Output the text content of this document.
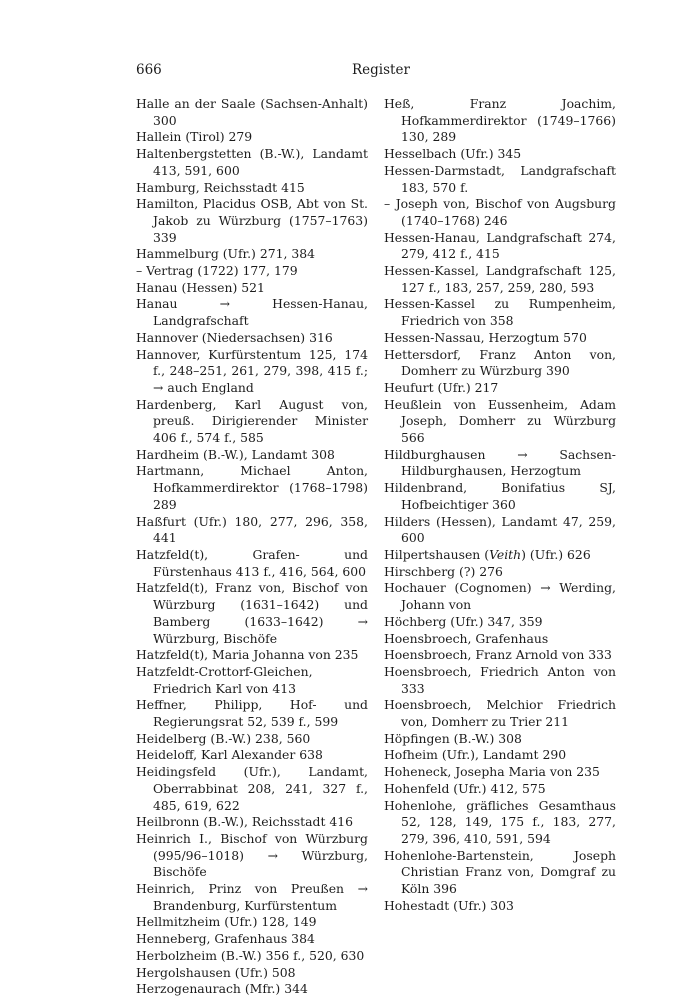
666	Register
Halle an der Saale (Sachsen-Anhalt) 300
Hallein (Tirol) 279
Haltenbergstetten (B.-W.), Landamt 413, 591, 600
Hamburg, Reichsstadt 415
Hamilton, Placidus OSB, Abt von St. Jakob zu Würzburg (1757–1763) 339
Hammelburg (Ufr.) 271, 384
– Vertrag (1722) 177, 179
Hanau (Hessen) 521
Hanau → Hessen-Hanau, Landgrafschaft
Hannover (Niedersachsen) 316
Hannover, Kurfürstentum 125, 174 f., 248–251, 261, 279, 398, 415 f.; → auch England
Hardenberg, Karl August von, preuß. Dirigierender Minister 406 f., 574 f., 585
Hardheim (B.-W.), Landamt 308
Hartmann, Michael Anton, Hofkammerdirektor (1768–1798) 289
Haßfurt (Ufr.) 180, 277, 296, 358, 441
Hatzfeld(t), Grafen- und Fürstenhaus 413 f., 416, 564, 600
Hatzfeld(t), Franz von, Bischof von Würzburg (1631–1642) und Bamberg (1633–1642) → Würzburg, Bischöfe
Hatzfeld(t), Maria Johanna von 235
Hatzfeldt-Crottorf-Gleichen, Friedrich Karl von 413
Heffner, Philipp, Hof- und Regierungsrat 52, 539 f., 599
Heidelberg (B.-W.) 238, 560
Heideloff, Karl Alexander 638
Heidingsfeld (Ufr.), Landamt, Oberrabbinat 208, 241, 327 f., 485, 619, 622
Heilbronn (B.-W.), Reichsstadt 416
Heinrich I., Bischof von Würzburg (995/96–1018) → Würzburg, Bischöfe
Heinrich, Prinz von Preußen → Brandenburg, Kurfürstentum
Hellmitzheim (Ufr.) 128, 149
Henneberg, Grafenhaus 384
Herbolzheim (B.-W.) 356 f., 520, 630
Hergolshausen (Ufr.) 508
Herzogenaurach (Mfr.) 344
Heß, Franz Joachim, Hofkammerdirektor (1749–1766) 130, 289
Hesselbach (Ufr.) 345
Hessen-Darmstadt, Landgrafschaft 183, 570 f.
– Joseph von, Bischof von Augsburg (1740–1768) 246
Hessen-Hanau, Landgrafschaft 274, 279, 412 f., 415
Hessen-Kassel, Landgrafschaft 125, 127 f., 183, 257, 259, 280, 593
Hessen-Kassel zu Rumpenheim, Friedrich von 358
Hessen-Nassau, Herzogtum 570
Hettersdorf, Franz Anton von, Domherr zu Würzburg 390
Heufurt (Ufr.) 217
Heußlein von Eussenheim, Adam Joseph, Domherr zu Würzburg 566
Hildburghausen → Sachsen-Hildburghausen, Herzogtum
Hildenbrand, Bonifatius SJ, Hofbeichtiger 360
Hilders (Hessen), Landamt 47, 259, 600
Hilpertshausen (Veith) (Ufr.) 626
Hirschberg (?) 276
Hochauer (Cognomen) → Werding, Johann von
Höchberg (Ufr.) 347, 359
Hoensbroech, Grafenhaus
Hoensbroech, Franz Arnold von 333
Hoensbroech, Friedrich Anton von 333
Hoensbroech, Melchior Friedrich von, Domherr zu Trier 211
Höpfingen (B.-W.) 308
Hofheim (Ufr.), Landamt 290
Hoheneck, Josepha Maria von 235
Hohenfeld (Ufr.) 412, 575
Hohenlohe, gräfliches Gesamthaus 52, 128, 149, 175 f., 183, 277, 279, 396, 410, 591, 594
Hohenlohe-Bartenstein, Joseph Christian Franz von, Domgraf zu Köln 396
Hohestadt (Ufr.) 303
